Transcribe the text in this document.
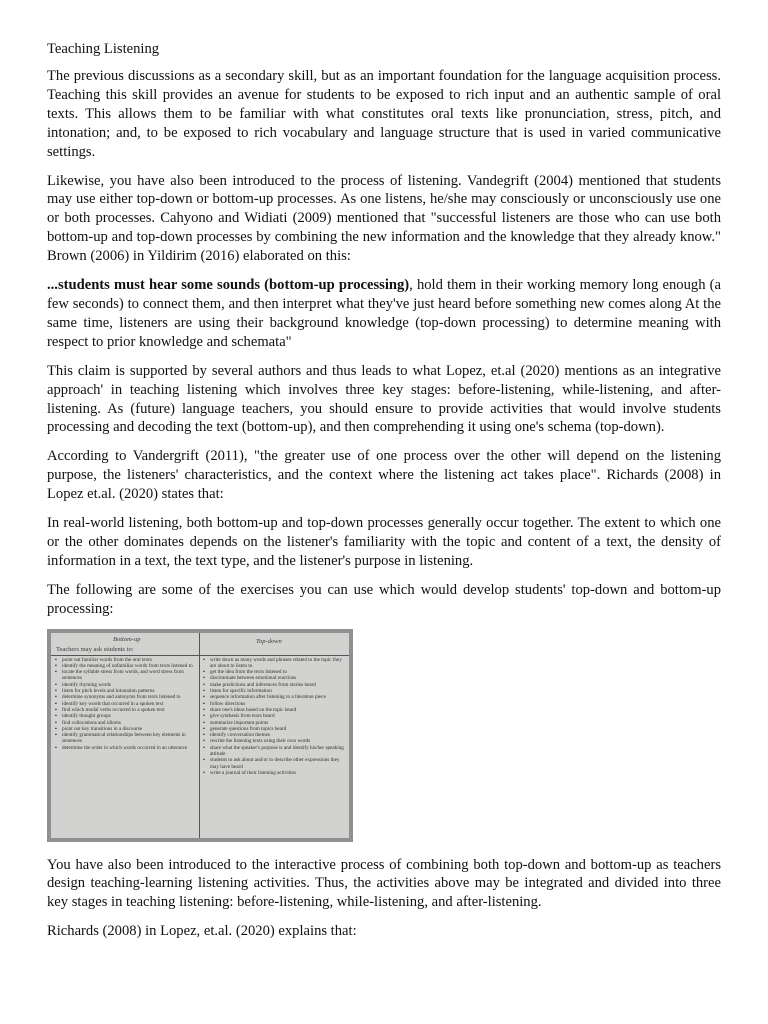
Teaching Listening

The previous discussions as a secondary skill, but as an important foundation for the language acquisition process. Teaching this skill provides an avenue for students to be exposed to rich input and an authentic sample of oral texts. This allows them to be familiar with what constitutes oral texts like pronunciation, stress, pitch, and intonation; and, to be exposed to rich vocabulary and language structure that is used in varied communicative settings.

Likewise, you have also been introduced to the process of listening. Vandegrift (2004) mentioned that students may use either top-down or bottom-up processes. As one listens, he/she may consciously or unconsciously use one or both processes. Cahyono and Widiati (2009) mentioned that "successful listeners are those who can use both bottom-up and top-down processes by combining the new information and the knowledge that they already know." Brown (2006) in Yildirim (2016) elaborated on this:

...students must hear some sounds (bottom-up processing), hold them in their working memory long enough (a few seconds) to connect them, and then interpret what they've just heard before something new comes along At the same time, listeners are using their background knowledge (top-down processing) to determine meaning with respect to prior knowledge and schemata"

This claim is supported by several authors and thus leads to what Lopez, et.al (2020) mentions as an integrative approach' in teaching listening which involves three key stages: before-listening, while-listening, and after-listening. As (future) language teachers, you should ensure to provide activities that would involve students processing and decoding the text (bottom-up), and then comprehending it using one's schema (top-down).

According to Vandergrift (2011), "the greater use of one process over the other will depend on the listening purpose, the listeners' characteristics, and the context where the listening act takes place". Richards (2008) in Lopez et.al. (2020) states that:

In real-world listening, both bottom-up and top-down processes generally occur together. The extent to which one or the other dominates depends on the listener's familiarity with the topic and content of a text, the density of information in a text, the text type, and the listener's purpose in listening.

The following are some of the exercises you can use which would develop students' top-down and bottom-up processing:

Bottom-up	Top-down
Teachers may ask students to:
▪ point out familiar words from the oral texts
▪ identify the meaning of unfamiliar words from texts listened to
▪ locate the syllable stress from words, and word stress from sentences
▪ identify rhyming words
▪ listen for pitch levels and intonation patterns
▪ determine synonyms and antonyms from texts listened to
▪ identify key words that occurred in a spoken text
▪ find which modal verbs occurred in a spoken text
▪ identify thought groups
▪ find collocations and idioms
▪ point out key transitions in a discourse
▪ identify grammatical relationships between key elements in sentences
▪ determine the order in which words occurred in an utterance
▪ write down as many words and phrases related to the topic they are about to listen to
▪ get the idea from the texts listened to
▪ discriminate between emotional reactions
▪ make predictions and inferences from stories heard
▪ listen for specific information
▪ sequence information after listening to a literature piece
▪ follow directions
▪ share one's ideas based on the topic heard
▪ give synthesis from texts heard
▪ summarize important points
▪ generate questions from topics heard
▪ identify conversation themes
▪ rewrite the listening texts using their own words
▪ share what the speaker's purpose is and identify his/her speaking attitude
▪ students to ask about and/or to describe other expressions they may have heard
▪ write a journal of their listening activities

You have also been introduced to the interactive process of combining both top-down and bottom-up as teachers design teaching-learning listening activities. Thus, the activities above may be integrated and divided into three key stages in teaching listening: before-listening, while-listening, and after-listening.

Richards (2008) in Lopez, et.al. (2020) explains that:
